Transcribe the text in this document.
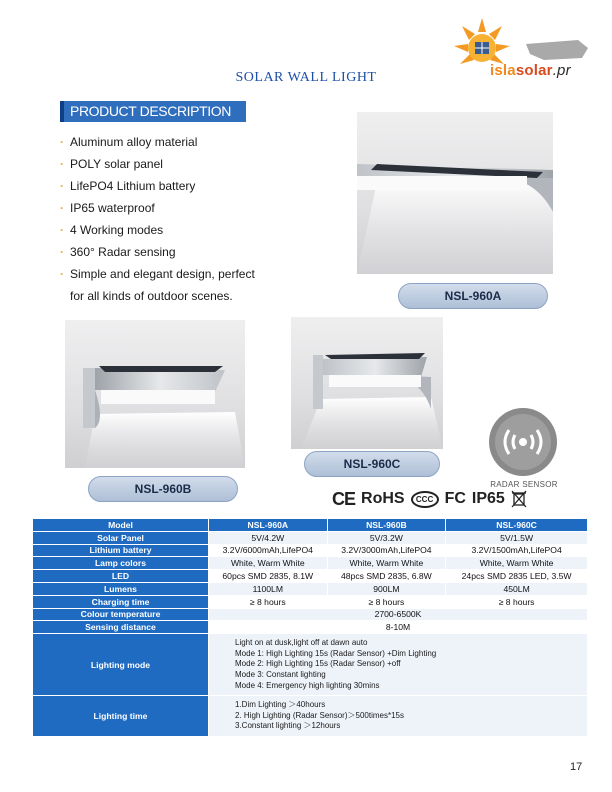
islasolar.pr
SOLAR WALL LIGHT
PRODUCT DESCRIPTION
· Aluminum alloy material
· POLY solar panel
· LifePO4 Lithium battery
· IP65 waterproof
· 4 Working modes
· 360° Radar sensing
· Simple and elegant design, perfect
for all kinds of outdoor scenes.	NSL-960A
NSL-960B
NSL-960C
RADAR SENSOR
CE RoHS	CCC FC IP65
Model	NSL-960A	NSL-960B	NSL-960C
Solar Panel	5V/4.2W	5V/3.2W	5V/1.5W
Lithium battery	3.2V/6000mAh,LifePO4	3.2V/3000mAh,LifePO4	3.2V/1500mAh,LifePO4
Lamp colors	White, Warm White	White, Warm White	White, Warm White
LED	60pcs SMD 2835, 8.1W	48pcs SMD 2835, 6.8W	24pcs SMD 2835 LED, 3.5W
Lumens	1100LM	900LM	450LM
Charging time	≥ 8 hours	≥ 8 hours	≥ 8 hours
Colour temperature	2700-6500K		
Sensing distance	8-10M		
Lighting mode	Light on at dusk,light off at dawn auto
Mode 1: High Lighting 15s (Radar Sensor) +Dim Lighting
Mode 2: High Lighting 15s (Radar Sensor) +off
Mode 3: Constant lighting
Mode 4: Emergency high lighting 30mins		

Lighting time	1.Dim Lighting ＞40hours
2. High Lighting (Radar Sensor)＞500times*15s
3.Constant lighting ＞12hours		
17
